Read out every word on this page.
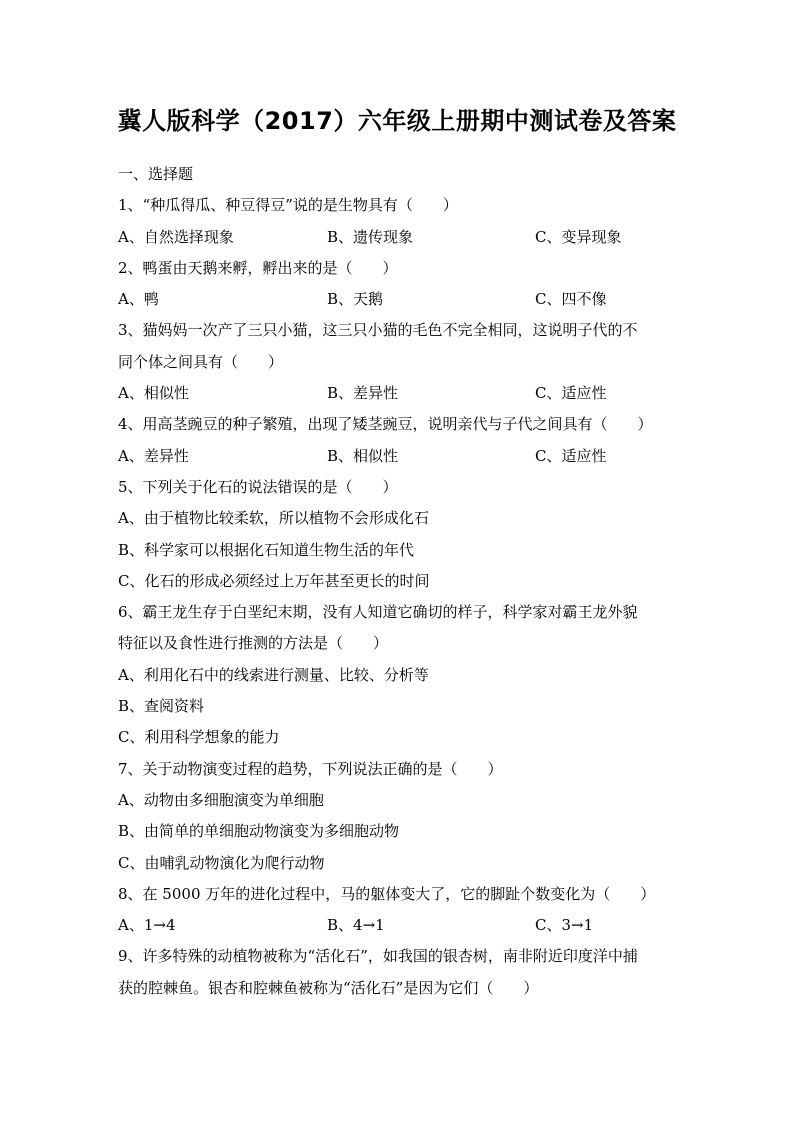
冀人版科学（2017）六年级上册期中测试卷及答案
一、选择题
1、“种瓜得瓜、种豆得豆”说的是生物具有（　　）
A、自然选择现象	B、遗传现象	C、变异现象
2、鸭蛋由天鹅来孵，孵出来的是（　　）
A、鸭	B、天鹅	C、四不像
3、猫妈妈一次产了三只小猫，这三只小猫的毛色不完全相同，这说明子代的不
同个体之间具有（　　）
A、相似性	B、差异性	C、适应性
4、用高茎豌豆的种子繁殖，出现了矮茎豌豆，说明亲代与子代之间具有（　　）
A、差异性	B、相似性	C、适应性
5、下列关于化石的说法错误的是（　　）
A、由于植物比较柔软，所以植物不会形成化石
B、科学家可以根据化石知道生物生活的年代
C、化石的形成必须经过上万年甚至更长的时间
6、霸王龙生存于白垩纪末期，没有人知道它确切的样子，科学家对霸王龙外貌
特征以及食性进行推测的方法是（　　）
A、利用化石中的线索进行测量、比较、分析等
B、查阅资料
C、利用科学想象的能力
7、关于动物演变过程的趋势，下列说法正确的是（　　）
A、动物由多细胞演变为单细胞
B、由简单的单细胞动物演变为多细胞动物
C、由哺乳动物演化为爬行动物
8、在 5000 万年的进化过程中，马的躯体变大了，它的脚趾个数变化为（　　）
A、1→4	B、4→1	C、3→1
9、许多特殊的动植物被称为“活化石”，如我国的银杏树，南非附近印度洋中捕
获的腔棘鱼。银杏和腔棘鱼被称为“活化石”是因为它们（　　）
